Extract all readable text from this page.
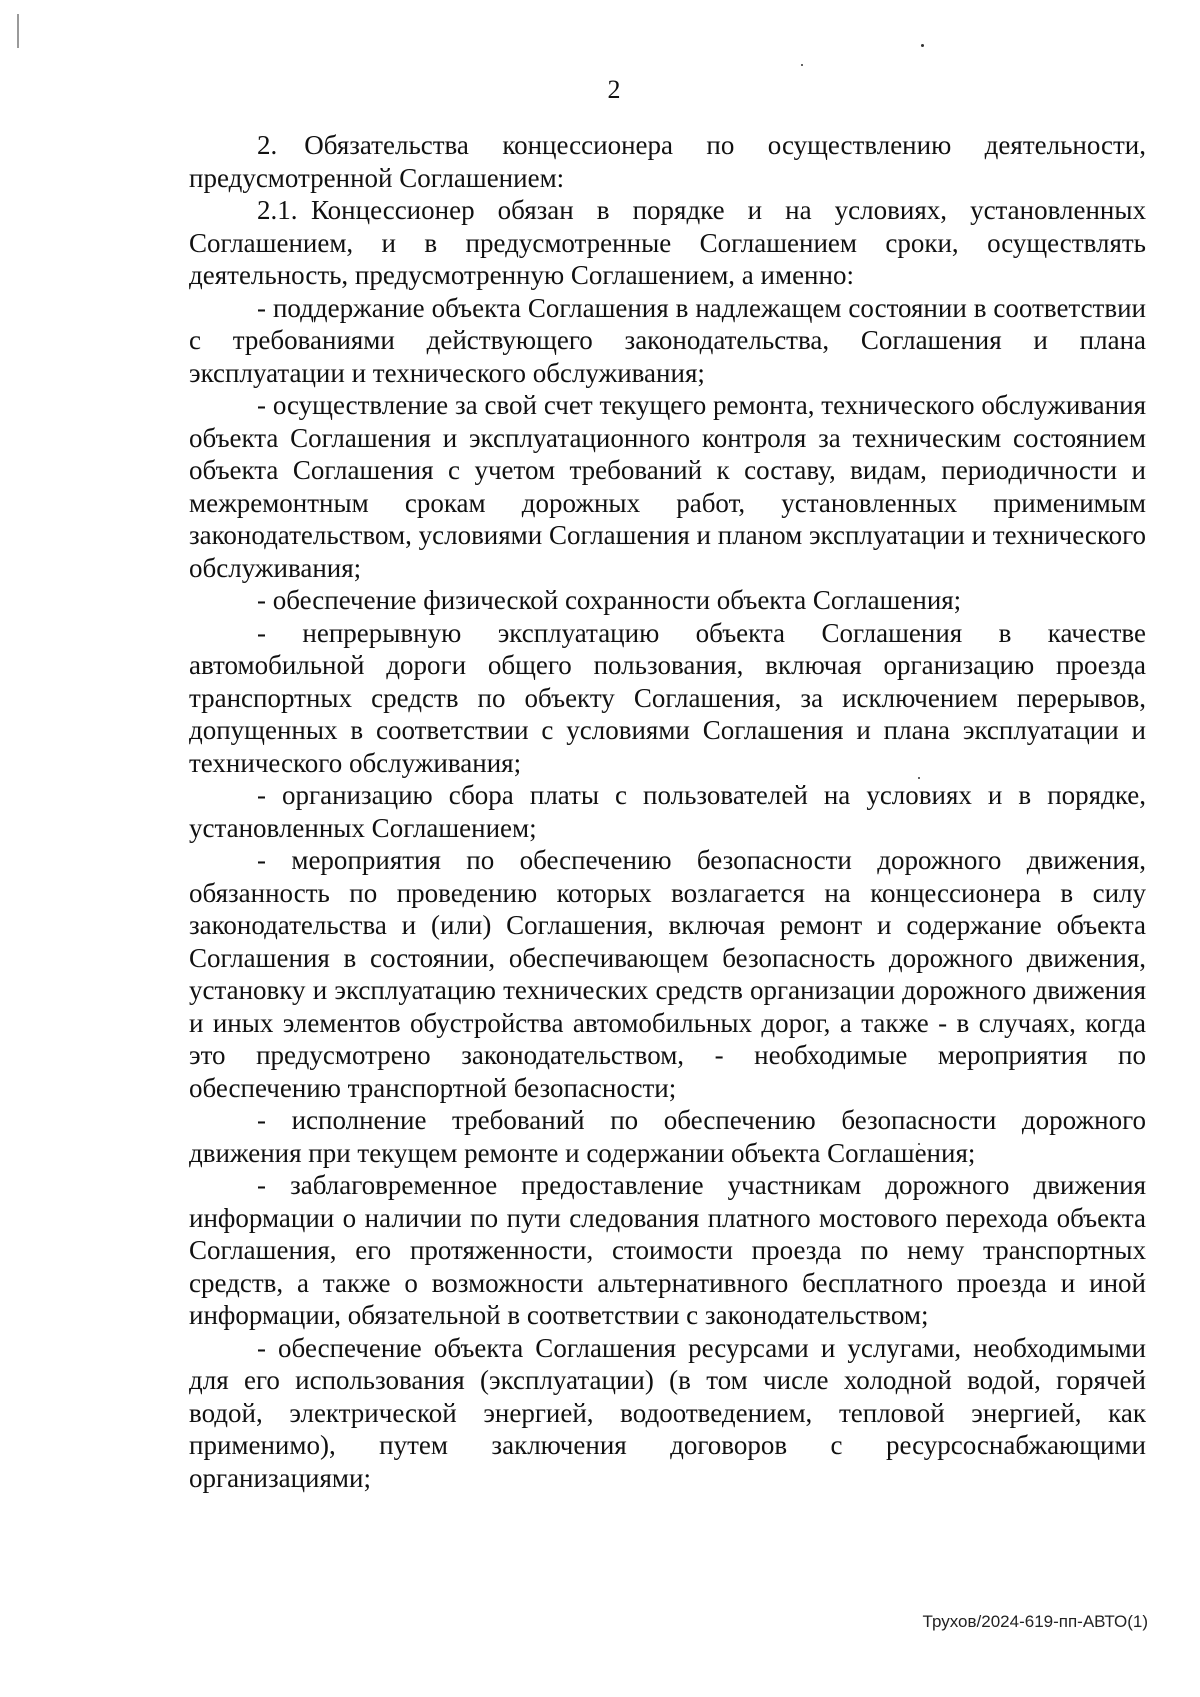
2

2. Обязательства концессионера по осуществлению деятельности, предусмотренной Соглашением:

2.1. Концессионер обязан в порядке и на условиях, установленных Соглашением, и в предусмотренные Соглашением сроки, осуществлять деятельность, предусмотренную Соглашением, а именно:

- поддержание объекта Соглашения в надлежащем состоянии в соответствии с требованиями действующего законодательства, Соглашения и плана эксплуатации и технического обслуживания;

- осуществление за свой счет текущего ремонта, технического обслуживания объекта Соглашения и эксплуатационного контроля за техническим состоянием объекта Соглашения с учетом требований к составу, видам, периодичности и межремонтным срокам дорожных работ, установленных применимым законодательством, условиями Соглашения и планом эксплуатации и технического обслуживания;

- обеспечение физической сохранности объекта Соглашения;

- непрерывную эксплуатацию объекта Соглашения в качестве автомобильной дороги общего пользования, включая организацию проезда транспортных средств по объекту Соглашения, за исключением перерывов, допущенных в соответствии с условиями Соглашения и плана эксплуатации и технического обслуживания;

- организацию сбора платы с пользователей на условиях и в порядке, установленных Соглашением;

- мероприятия по обеспечению безопасности дорожного движения, обязанность по проведению которых возлагается на концессионера в силу законодательства и (или) Соглашения, включая ремонт и содержание объекта Соглашения в состоянии, обеспечивающем безопасность дорожного движения, установку и эксплуатацию технических средств организации дорожного движения и иных элементов обустройства автомобильных дорог, а также - в случаях, когда это предусмотрено законодательством, - необходимые мероприятия по обеспечению транспортной безопасности;

- исполнение требований по обеспечению безопасности дорожного движения при текущем ремонте и содержании объекта Соглашения;

- заблаговременное предоставление участникам дорожного движения информации о наличии по пути следования платного мостового перехода объекта Соглашения, его протяженности, стоимости проезда по нему транспортных средств, а также о возможности альтернативного бесплатного проезда и иной информации, обязательной в соответствии с законодательством;

- обеспечение объекта Соглашения ресурсами и услугами, необходимыми для его использования (эксплуатации) (в том числе холодной водой, горячей водой, электрической энергией, водоотведением, тепловой энергией, как применимо), путем заключения договоров с ресурсоснабжающими организациями;

Трухов/2024-619-пп-АВТО(1)
